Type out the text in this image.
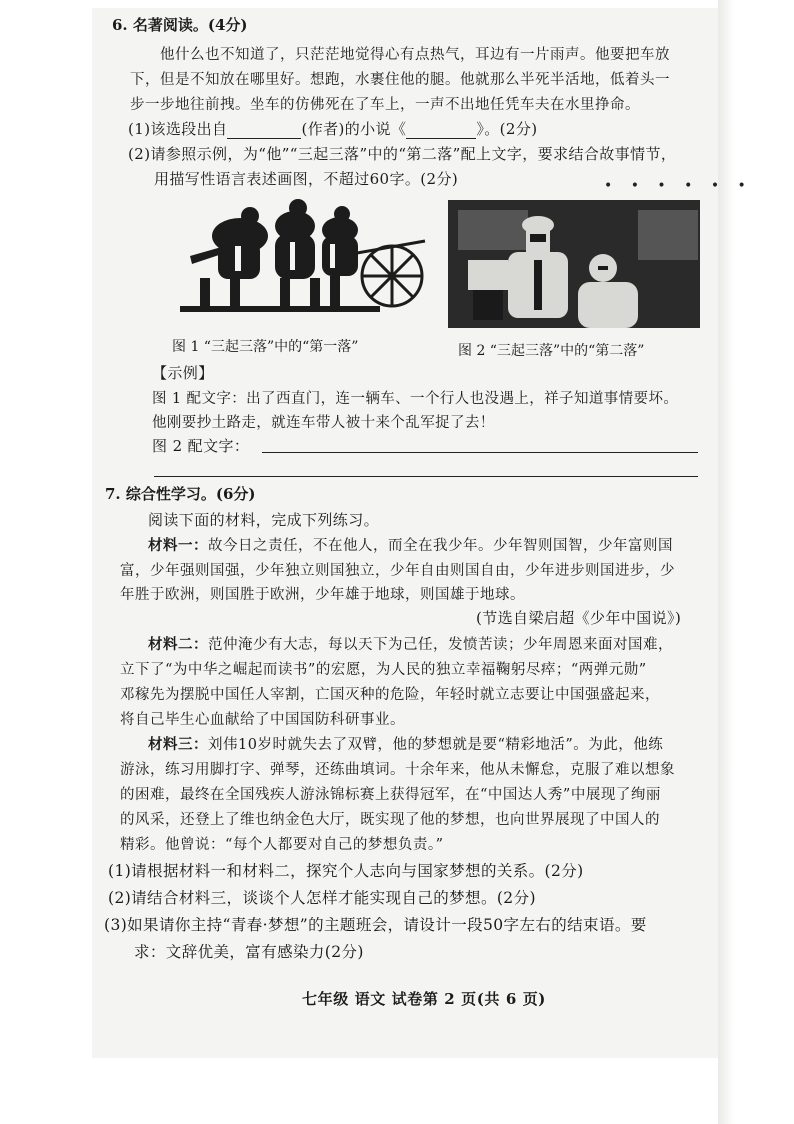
6. 名著阅读。(4分)
他什么也不知道了，只茫茫地觉得心有点热气，耳边有一片雨声。他要把车放
下，但是不知放在哪里好。想跑，水裹住他的腿。他就那么半死半活地，低着头一
步一步地往前拽。坐车的仿佛死在了车上，一声不出地任凭车夫在水里挣命。
(1)该选段出自	(作者)的小说《	》。(2分)
(2)请参照示例，为“他”“三起三落”中的“第二落”配上文字，要求结合故事情节，
用描写性语言表述画图，不超过60字。(2分)	• • • • • •
图 1 “三起三落”中的“第一落”	图 2 “三起三落”中的“第二落”
【示例】
图 1 配文字：出了西直门，连一辆车、一个行人也没遇上，祥子知道事情要坏。
他刚要抄土路走，就连车带人被十来个乱军捉了去！
图 2 配文字：
7. 综合性学习。(6分)
阅读下面的材料，完成下列练习。
材料一：故今日之责任，不在他人，而全在我少年。少年智则国智，少年富则国
富，少年强则国强，少年独立则国独立，少年自由则国自由，少年进步则国进步，少
年胜于欧洲，则国胜于欧洲，少年雄于地球，则国雄于地球。
(节选自梁启超《少年中国说》)
材料二：范仲淹少有大志，每以天下为己任，发愤苦读；少年周恩来面对国难，
立下了“为中华之崛起而读书”的宏愿，为人民的独立幸福鞠躬尽瘁；“两弹元勋”
邓稼先为摆脱中国任人宰割，亡国灭种的危险，年轻时就立志要让中国强盛起来，
将自己毕生心血献给了中国国防科研事业。
材料三：刘伟10岁时就失去了双臂，他的梦想就是要“精彩地活”。为此，他练
游泳，练习用脚打字、弹琴，还练曲填词。十余年来，他从未懈怠，克服了难以想象
的困难，最终在全国残疾人游泳锦标赛上获得冠军，在“中国达人秀”中展现了绚丽
的风采，还登上了维也纳金色大厅，既实现了他的梦想，也向世界展现了中国人的
精彩。他曾说：“每个人都要对自己的梦想负责。”
(1)请根据材料一和材料二，探究个人志向与国家梦想的关系。(2分)
(2)请结合材料三，谈谈个人怎样才能实现自己的梦想。(2分)
(3)如果请你主持“青春·梦想”的主题班会，请设计一段50字左右的结束语。要
求：文辞优美，富有感染力(2分)
七年级 语文 试卷第 2 页(共 6 页)
